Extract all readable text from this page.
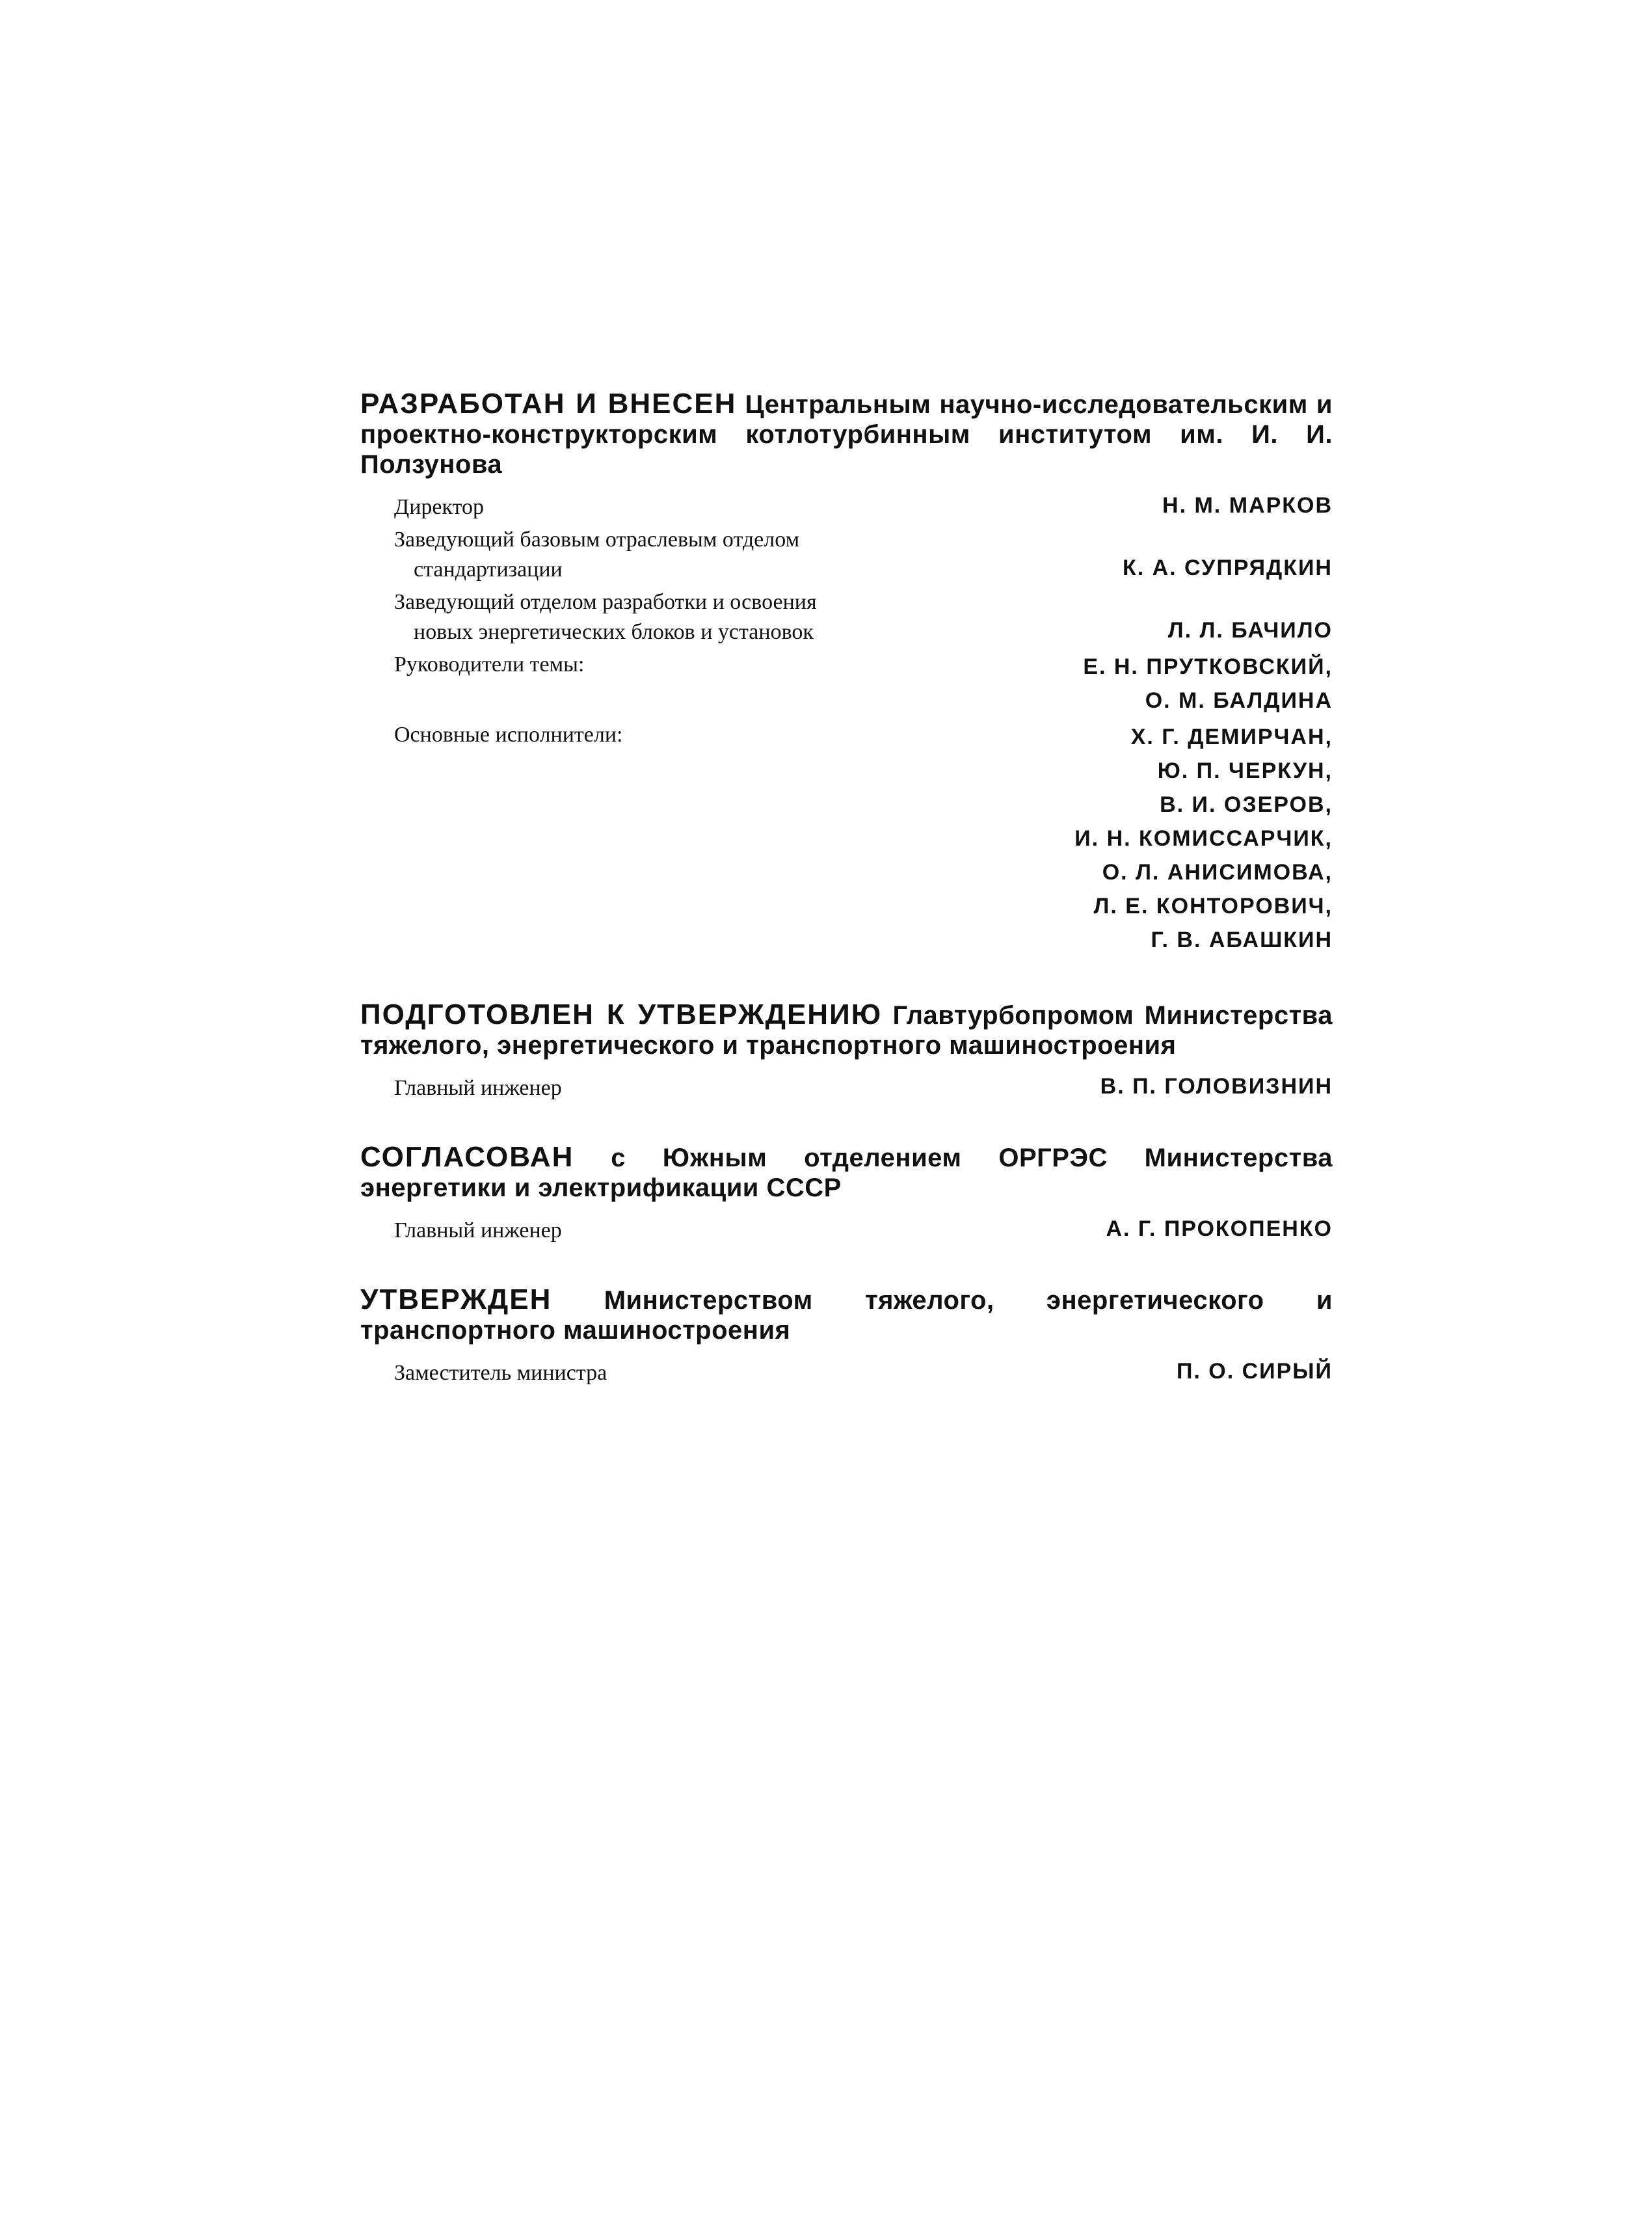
РАЗРАБОТАН И ВНЕСЕН Центральным научно-исследовательским и проектно-конструкторским котлотурбинным институтом им. И. И. Ползунова

Директор	Н. М. МАРКОВ
Заведующий базовым отраслевым отделом
стандартизации	К. А. СУПРЯДКИН
Заведующий отделом разработки и освоения
новых энергетических блоков и установок	Л. Л. БАЧИЛО
Руководители темы:	Е. Н. ПРУТКОВСКИЙ,
О. М. БАЛДИНА
Основные исполнители:	Х. Г. ДЕМИРЧАН,
Ю. П. ЧЕРКУН,
В. И. ОЗЕРОВ,
И. Н. КОМИССАРЧИК,
О. Л. АНИСИМОВА,
Л. Е. КОНТОРОВИЧ,
Г. В. АБАШКИН

ПОДГОТОВЛЕН К УТВЕРЖДЕНИЮ Главтурбопромом Министерства тяжелого, энергетического и транспортного машиностроения

Главный инженер	В. П. ГОЛОВИЗНИН

СОГЛАСОВАН с Южным отделением ОРГРЭС Министерства энергетики и электрификации СССР

Главный инженер	А. Г. ПРОКОПЕНКО

УТВЕРЖДЕН Министерством тяжелого, энергетического и транспортного машиностроения

Заместитель министра	П. О. СИРЫЙ
